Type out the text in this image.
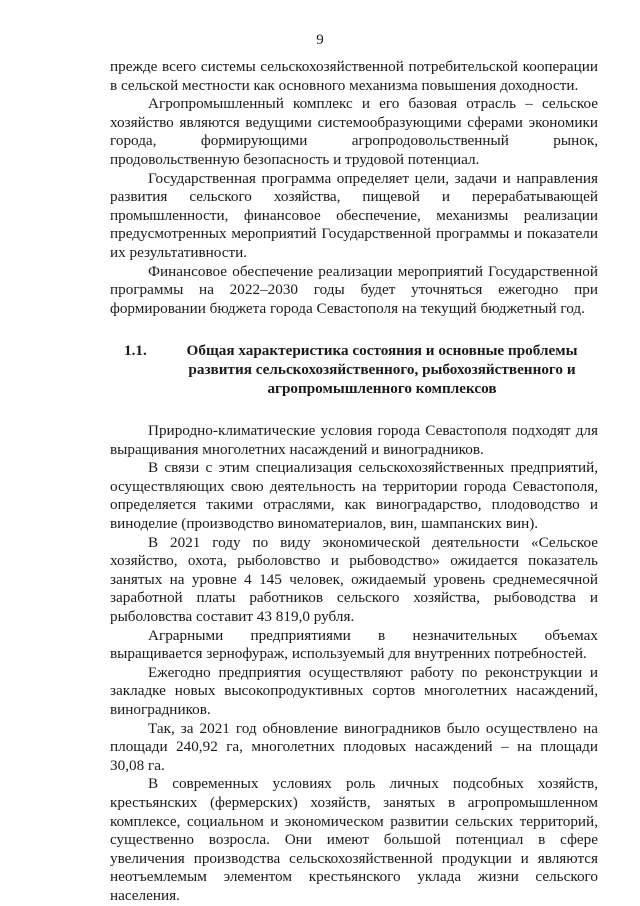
9

прежде всего системы сельскохозяйственной потребительской кооперации в сельской местности как основного механизма повышения доходности.

Агропромышленный комплекс и его базовая отрасль – сельское хозяйство являются ведущими системообразующими сферами экономики города, формирующими агропродовольственный рынок, продовольственную безопасность и трудовой потенциал.

Государственная программа определяет цели, задачи и направления развития сельского хозяйства, пищевой и перерабатывающей промышленности, финансовое обеспечение, механизмы реализации предусмотренных мероприятий Государственной программы и показатели их результативности.

Финансовое обеспечение реализации мероприятий Государственной программы на 2022–2030 годы будет уточняться ежегодно при формировании бюджета города Севастополя на текущий бюджетный год.

1.1.	Общая характеристика состояния и основные проблемы развития сельскохозяйственного, рыбохозяйственного и агропромышленного комплексов

Природно-климатические условия города Севастополя подходят для выращивания многолетних насаждений и виноградников.

В связи с этим специализация сельскохозяйственных предприятий, осуществляющих свою деятельность на территории города Севастополя, определяется такими отраслями, как виноградарство, плодоводство и виноделие (производство виноматериалов, вин, шампанских вин).

В 2021 году по виду экономической деятельности «Сельское хозяйство, охота, рыболовство и рыбоводство» ожидается показатель занятых на уровне 4 145 человек, ожидаемый уровень среднемесячной заработной платы работников сельского хозяйства, рыбоводства и рыболовства составит 43 819,0 рубля.

Аграрными предприятиями в незначительных объемах выращивается зернофураж, используемый для внутренних потребностей.

Ежегодно предприятия осуществляют работу по реконструкции и закладке новых высокопродуктивных сортов многолетних насаждений, виноградников.

Так, за 2021 год обновление виноградников было осуществлено на площади 240,92 га, многолетних плодовых насаждений – на площади 30,08 га.

В современных условиях роль личных подсобных хозяйств, крестьянских (фермерских) хозяйств, занятых в агропромышленном комплексе, социальном и экономическом развитии сельских территорий, существенно возросла. Они имеют большой потенциал в сфере увеличения производства сельскохозяйственной продукции и являются неотъемлемым элементом крестьянского уклада жизни сельского населения.
